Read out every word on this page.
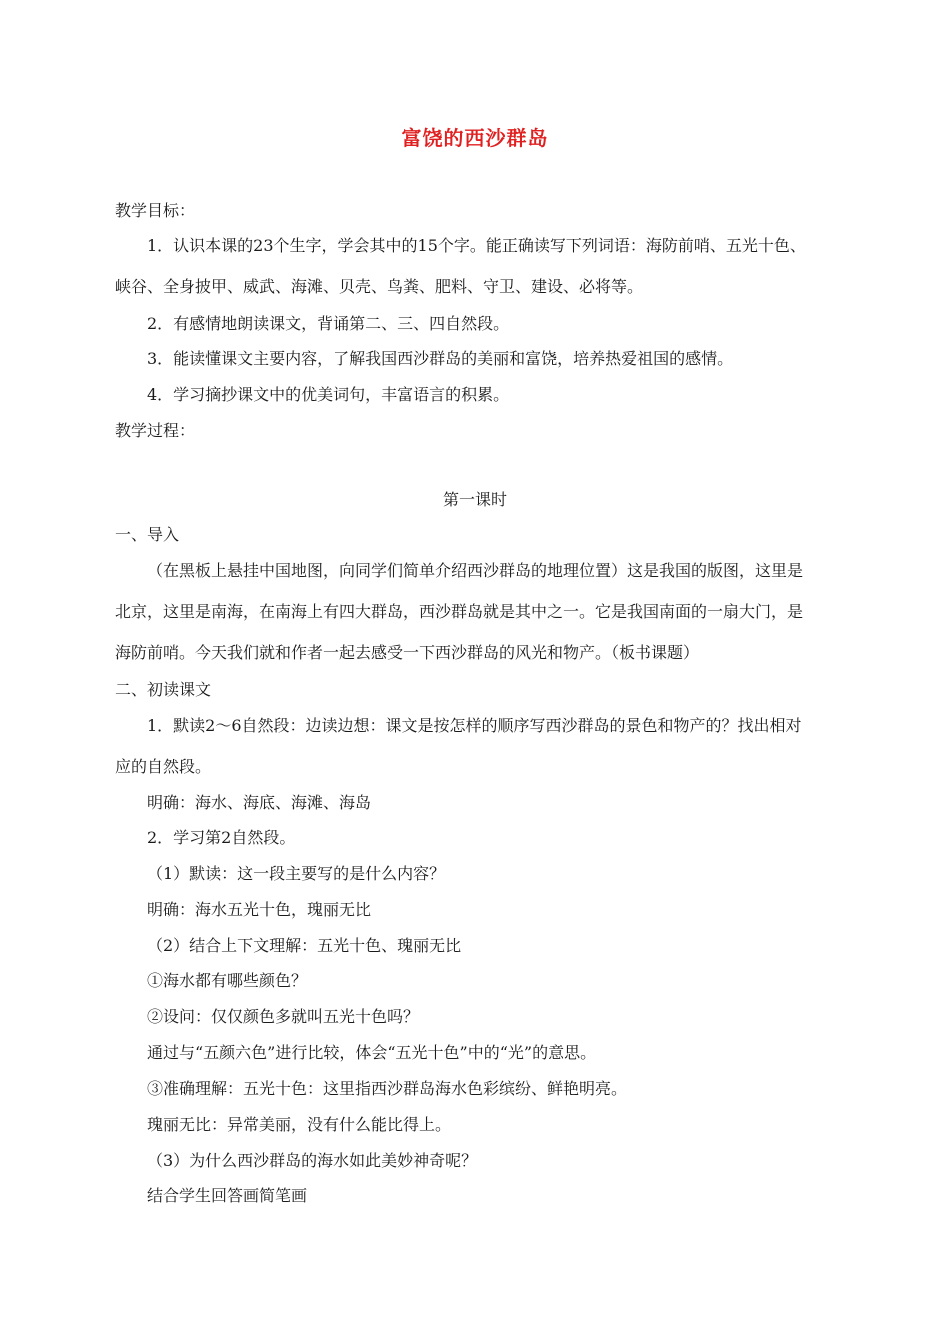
富饶的西沙群岛
教学目标：
1．认识本课的23个生字，学会其中的15个字。能正确读写下列词语：海防前哨、五光十色、
峡谷、全身披甲、威武、海滩、贝壳、鸟粪、肥料、守卫、建设、必将等。
2．有感情地朗读课文，背诵第二、三、四自然段。
3．能读懂课文主要内容，了解我国西沙群岛的美丽和富饶，培养热爱祖国的感情。
4．学习摘抄课文中的优美词句，丰富语言的积累。
教学过程：
第一课时
一、导入
（在黑板上悬挂中国地图，向同学们简单介绍西沙群岛的地理位置）这是我国的版图，这里是
北京，这里是南海，在南海上有四大群岛，西沙群岛就是其中之一。它是我国南面的一扇大门，是
海防前哨。今天我们就和作者一起去感受一下西沙群岛的风光和物产。（板书课题）
二、初读课文
1．默读2～6自然段：边读边想：课文是按怎样的顺序写西沙群岛的景色和物产的？找出相对
应的自然段。
明确：海水、海底、海滩、海岛
2．学习第2自然段。
（1）默读：这一段主要写的是什么内容？
明确：海水五光十色，瑰丽无比
（2）结合上下文理解：五光十色、瑰丽无比
①海水都有哪些颜色？
②设问：仅仅颜色多就叫五光十色吗？
通过与“五颜六色”进行比较，体会“五光十色”中的“光”的意思。
③准确理解：五光十色：这里指西沙群岛海水色彩缤纷、鲜艳明亮。
瑰丽无比：异常美丽，没有什么能比得上。
（3）为什么西沙群岛的海水如此美妙神奇呢？
结合学生回答画简笔画
